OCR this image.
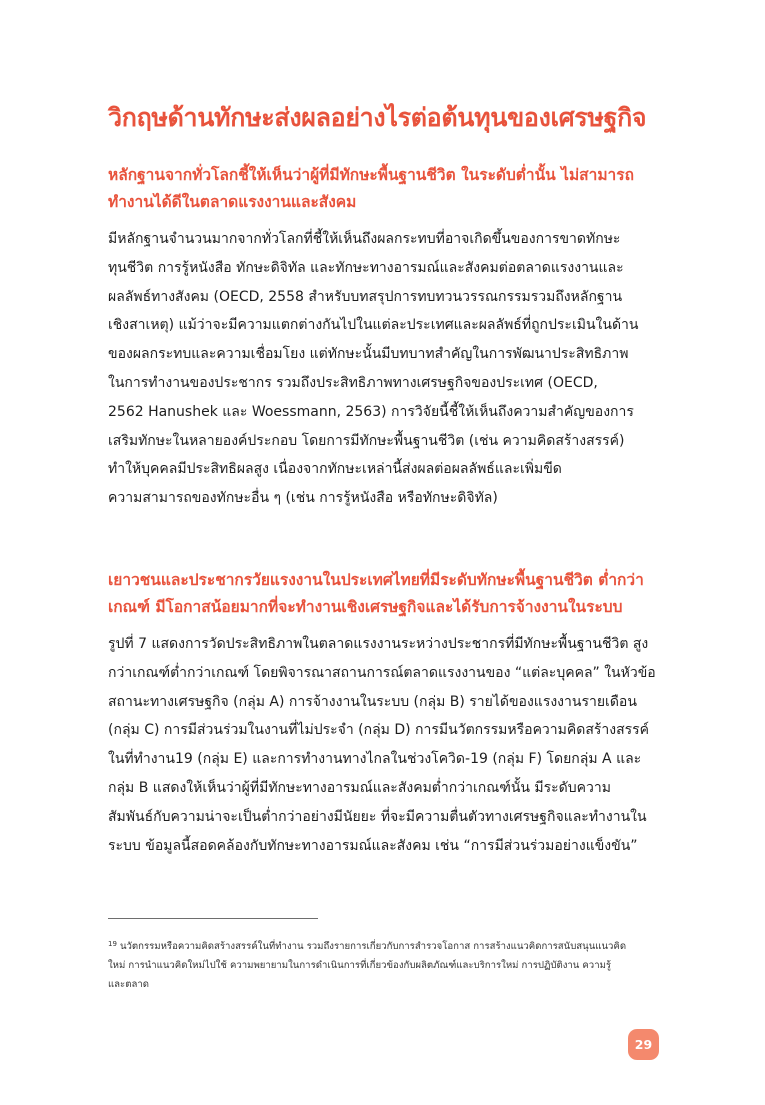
วิกฤษด้านทักษะส่งผลอย่างไรต่อต้นทุนของเศรษฐกิจ
หลักฐานจากทั่วโลกชี้ให้เห็นว่าผู้ที่มีทักษะพื้นฐานชีวิต ในระดับต่ำนั้น ไม่สามารถ
ทำงานได้ดีในตลาดแรงงานและสังคม

มีหลักฐานจำนวนมากจากทั่วโลกที่ชี้ให้เห็นถึงผลกระทบที่อาจเกิดขึ้นของการขาดทักษะ
ทุนชีวิต การรู้หนังสือ ทักษะดิจิทัล และทักษะทางอารมณ์และสังคมต่อตลาดแรงงานและ
ผลลัพธ์ทางสังคม (OECD, 2558 สำหรับบทสรุปการทบทวนวรรณกรรมรวมถึงหลักฐาน
เชิงสาเหตุ) แม้ว่าจะมีความแตกต่างกันไปในแต่ละประเทศและผลลัพธ์ที่ถูกประเมินในด้าน
ของผลกระทบและความเชื่อมโยง แต่ทักษะนั้นมีบทบาทสำคัญในการพัฒนาประสิทธิภาพ
ในการทำงานของประชากร รวมถึงประสิทธิภาพทางเศรษฐกิจของประเทศ (OECD,
2562 Hanushek และ Woessmann, 2563) การวิจัยนี้ชี้ให้เห็นถึงความสำคัญของการ
เสริมทักษะในหลายองค์ประกอบ โดยการมีทักษะพื้นฐานชีวิต (เช่น ความคิดสร้างสรรค์)
ทำให้บุคคลมีประสิทธิผลสูง เนื่องจากทักษะเหล่านี้ส่งผลต่อผลลัพธ์และเพิ่มขีด
ความสามารถของทักษะอื่น ๆ (เช่น การรู้หนังสือ หรือทักษะดิจิทัล)

เยาวชนและประชากรวัยแรงงานในประเทศไทยที่มีระดับทักษะพื้นฐานชีวิต ต่ำกว่า
เกณฑ์ มีโอกาสน้อยมากที่จะทำงานเชิงเศรษฐกิจและได้รับการจ้างงานในระบบ

รูปที่ 7 แสดงการวัดประสิทธิภาพในตลาดแรงงานระหว่างประชากรที่มีทักษะพื้นฐานชีวิต สูง
กว่าเกณฑ์ต่ำกว่าเกณฑ์ โดยพิจารณาสถานการณ์ตลาดแรงงานของ “แต่ละบุคคล” ในหัวข้อ
สถานะทางเศรษฐกิจ (กลุ่ม A) การจ้างงานในระบบ (กลุ่ม B) รายได้ของแรงงานรายเดือน
(กลุ่ม C) การมีส่วนร่วมในงานที่ไม่ประจำ (กลุ่ม D) การมีนวัตกรรมหรือความคิดสร้างสรรค์
ในที่ทำงาน19 (กลุ่ม E) และการทำงานทางไกลในช่วงโควิด-19 (กลุ่ม F) โดยกลุ่ม A และ
กลุ่ม B แสดงให้เห็นว่าผู้ที่มีทักษะทางอารมณ์และสังคมต่ำกว่าเกณฑ์นั้น มีระดับความ
สัมพันธ์กับความน่าจะเป็นต่ำกว่าอย่างมีนัยยะ ที่จะมีความตื่นตัวทางเศรษฐกิจและทำงานใน
ระบบ ข้อมูลนี้สอดคล้องกับทักษะทางอารมณ์และสังคม เช่น “การมีส่วนร่วมอย่างแข็งขัน”

$^{19}$ นวัตกรรมหรือความคิดสร้างสรรค์ในที่ทำงาน รวมถึงรายการเกี่ยวกับการสำรวจโอกาส การสร้างแนวคิดการสนับสนุนแนวคิด
ใหม่ การนำแนวคิดใหม่ไปใช้ ความพยายามในการดำเนินการที่เกี่ยวข้องกับผลิตภัณฑ์และบริการใหม่ การปฏิบัติงาน ความรู้
และตลาด
29
